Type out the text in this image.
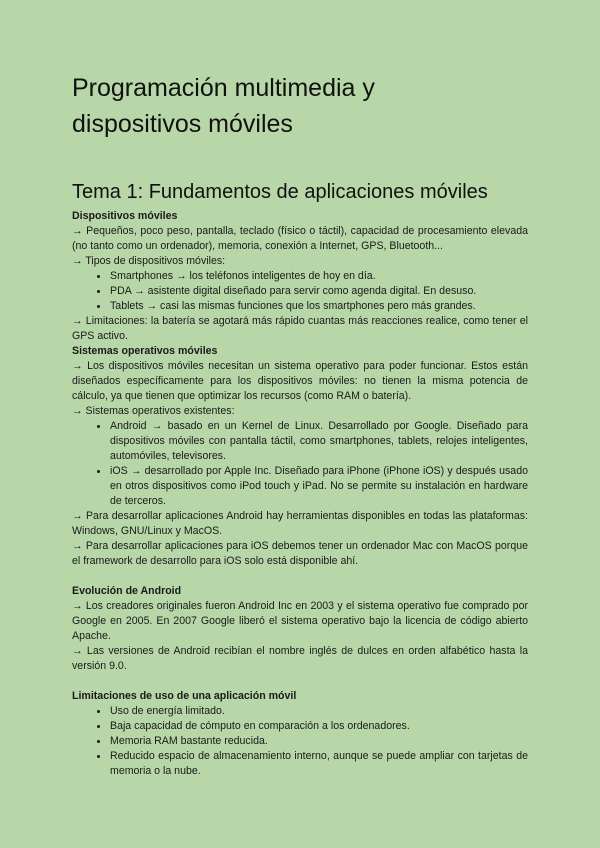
Programación multimedia y
dispositivos móviles
Tema 1: Fundamentos de aplicaciones móviles
Dispositivos móviles

→ Pequeños, poco peso, pantalla, teclado (físico o táctil), capacidad de procesamiento elevada (no tanto como un ordenador), memoria, conexión a Internet, GPS, Bluetooth...

→ Tipos de dispositivos móviles:

• Smartphones → los teléfonos inteligentes de hoy en día.
• PDA → asistente digital diseñado para servir como agenda digital. En desuso.
• Tablets → casi las mismas funciones que los smartphones pero más grandes.

→ Limitaciones: la batería se agotará más rápido cuantas más reacciones realice, como tener el GPS activo.

Sistemas operativos móviles

→ Los dispositivos móviles necesitan un sistema operativo para poder funcionar. Estos están diseñados específicamente para los dispositivos móviles: no tienen la misma potencia de cálculo, ya que tienen que optimizar los recursos (como RAM o batería).

→ Sistemas operativos existentes:

• Android → basado en un Kernel de Linux. Desarrollado por Google. Diseñado para dispositivos móviles con pantalla táctil, como smartphones, tablets, relojes inteligentes, automóviles, televisores.
• iOS → desarrollado por Apple Inc. Diseñado para iPhone (iPhone iOS) y después usado en otros dispositivos como iPod touch y iPad. No se permite su instalación en hardware de terceros.

→ Para desarrollar aplicaciones Android hay herramientas disponibles en todas las plataformas: Windows, GNU/Linux y MacOS.

→ Para desarrollar aplicaciones para iOS debemos tener un ordenador Mac con MacOS porque el framework de desarrollo para iOS solo está disponible ahí.

Evolución de Android

→ Los creadores originales fueron Android Inc en 2003 y el sistema operativo fue comprado por Google en 2005. En 2007 Google liberó el sistema operativo bajo la licencia de código abierto Apache.

→ Las versiones de Android recibían el nombre inglés de dulces en orden alfabético hasta la versión 9.0.

Limitaciones de uso de una aplicación móvil
• Uso de energía limitado.
• Baja capacidad de cómputo en comparación a los ordenadores.
• Memoria RAM bastante reducida.
• Reducido espacio de almacenamiento interno, aunque se puede ampliar con tarjetas de memoria o la nube.
